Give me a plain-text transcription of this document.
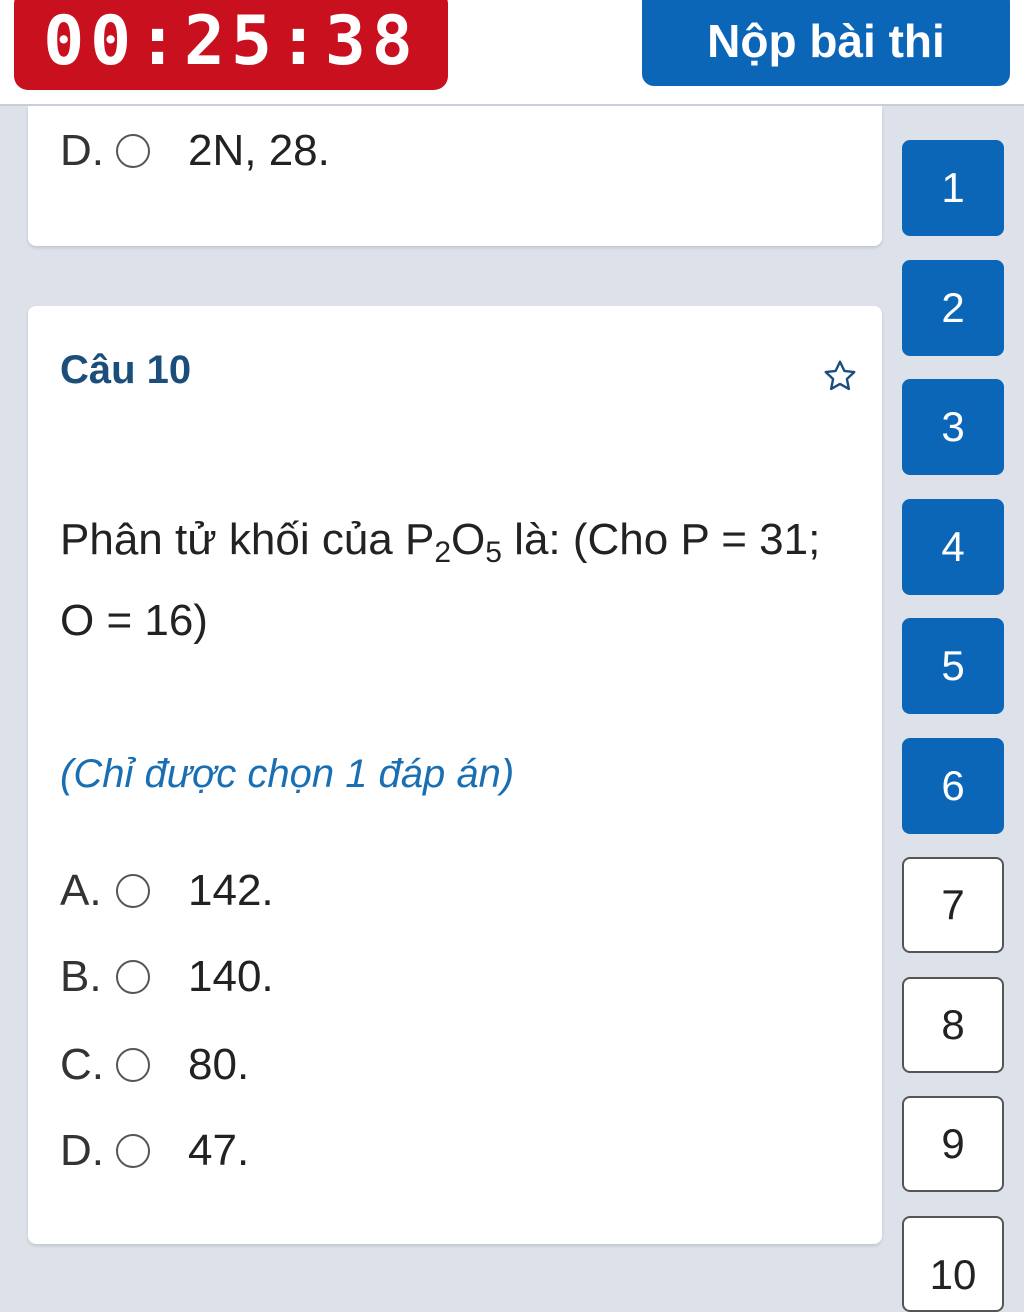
00:25:38	Nộp bài thi
D. 2N, 28.
Câu 10
Phân tử khối của $P_2O_5$ là: (Cho P = 31; O = 16)
(Chỉ được chọn 1 đáp án)
A.	142.
B.	140.
C. 80.
D. 47.
1
2
3
4
5
6
7
8
9
10
